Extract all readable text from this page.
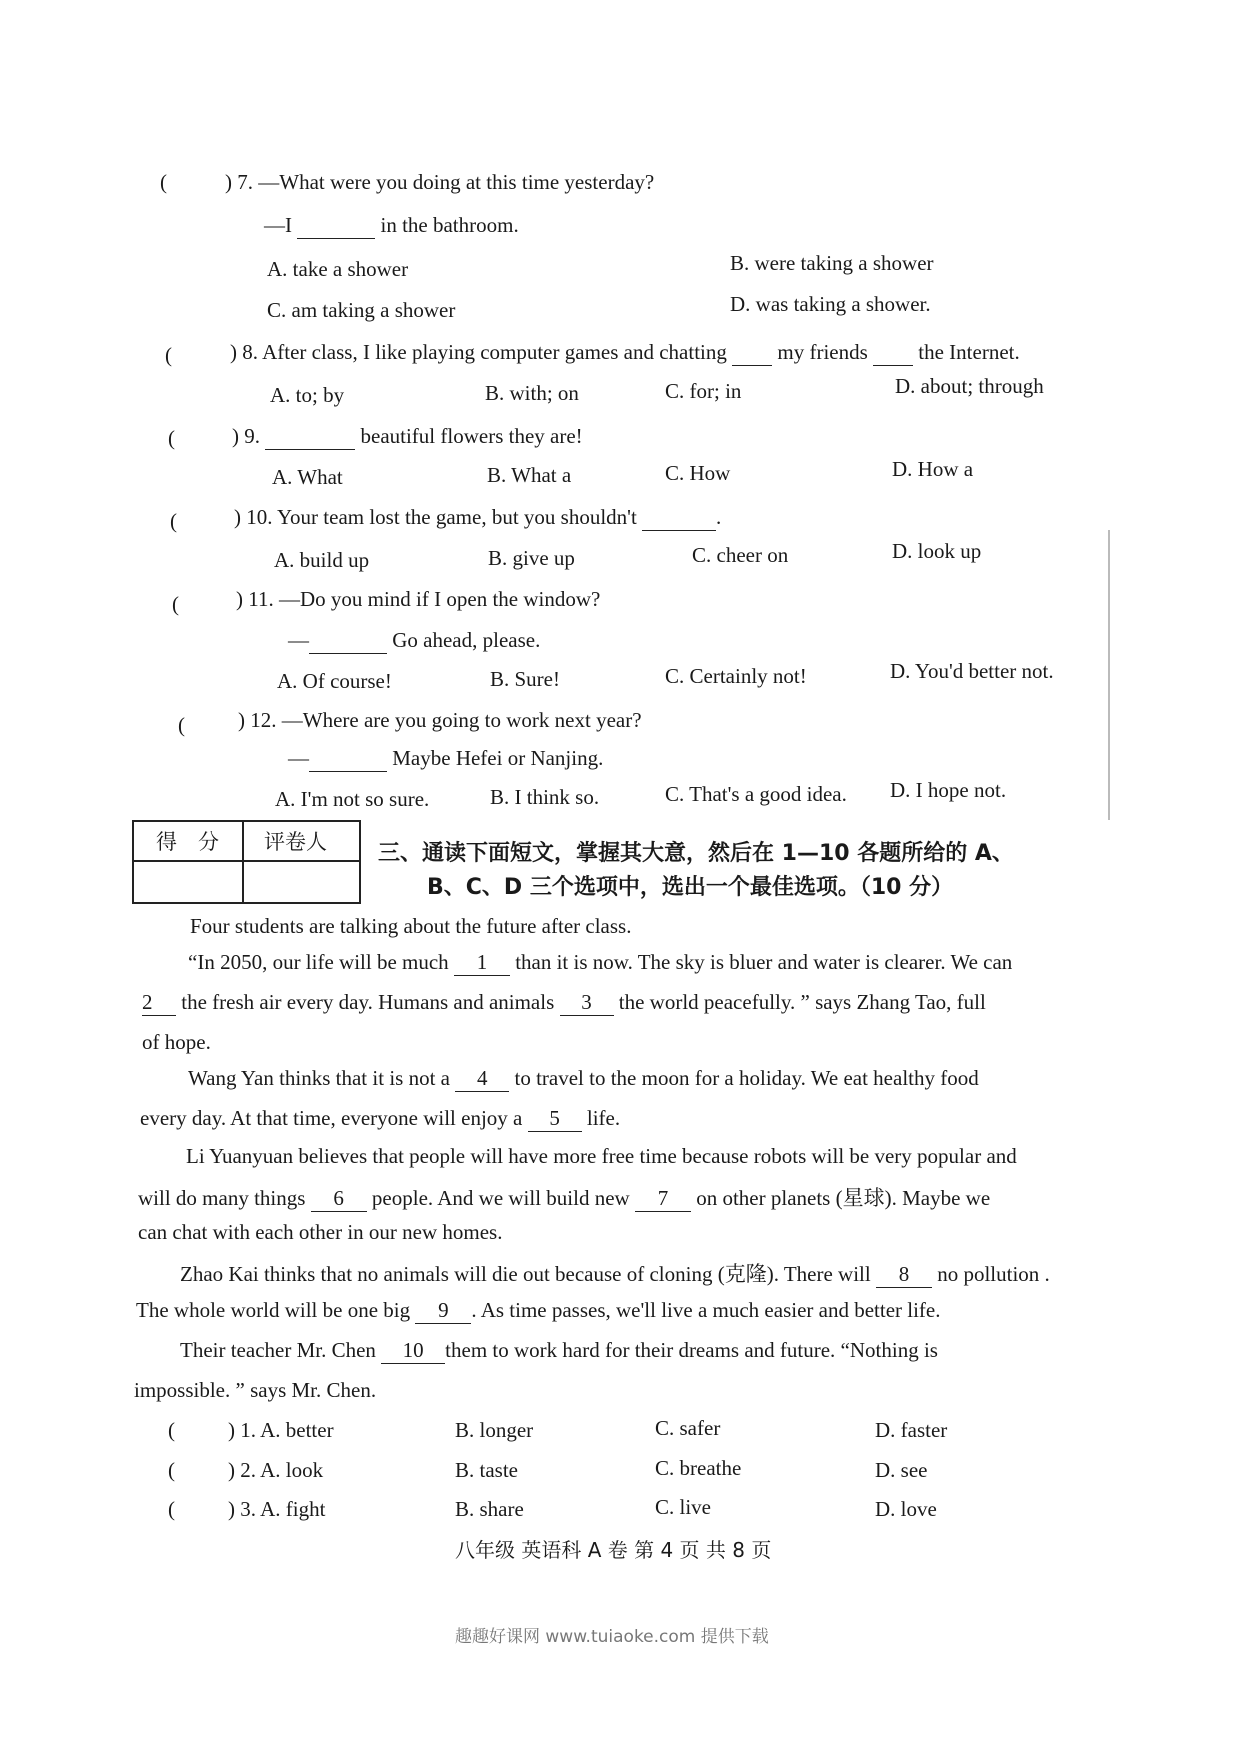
(	) 7. —What were you doing at this time yesterday?
—I	in the bathroom.
A. take a shower	B. were taking a shower
C. am taking a shower	D. was taking a shower.
(	) 8. After class, I like playing computer games and chatting my friends the Internet.
A. to; by	B. with; on	C. for; in	D. about; through
(	) 9.	beautiful flowers they are!
A. What	B. What a	C. How	D. How a
(	) 10. Your team lost the game, but you shouldn't	.
A. build up	B. give up	C. cheer on	D. look up
(	) 11. —Do you mind if I open the window?
—	Go ahead, please.
A. Of course!	B. Sure!	C. Certainly not!	D. You'd better not.
(	) 12. —Where are you going to work next year?
—	Maybe Hefei or Nanjing.
A. I'm not so sure.	B. I think so.	C. That's a good idea. D. I hope not.
得　分 评卷人 三、通读下面短文，掌握其大意，然后在 1—10 各题所给的 A、
B、C、D 三个选项中，选出一个最佳选项。（10 分）
Four students are talking about the future after class.
“In 2050, our life will be much 1 than it is now. The sky is bluer and water is clearer. We can
2 the fresh air every day. Humans and animals 3 the world peacefully. ” says Zhang Tao, full
of hope.
Wang Yan thinks that it is not a 4 to travel to the moon for a holiday. We eat healthy food
every day. At that time, everyone will enjoy a 5 life.
Li Yuanyuan believes that people will have more free time because robots will be very popular and
will do many things 6 people. And we will build new 7 on other planets (星球). Maybe we
can chat with each other in our new homes.
Zhao Kai thinks that no animals will die out because of cloning (克隆). There will 8 no pollution .
The whole world will be one big 9 . As time passes, we'll live a much easier and better life.
Their teacher Mr. Chen 10 them to work hard for their dreams and future. “Nothing is
impossible. ” says Mr. Chen.
(	) 1. A. better	B. longer	C. safer	D. faster
(	) 2. A. look	B. taste	C. breathe	D. see
(	) 3. A. fight	B. share	C. live	D. love
八年级 英语科 A 卷 第 4 页 共 8 页
趣趣好课网 www.tuiaoke.com 提供下载
